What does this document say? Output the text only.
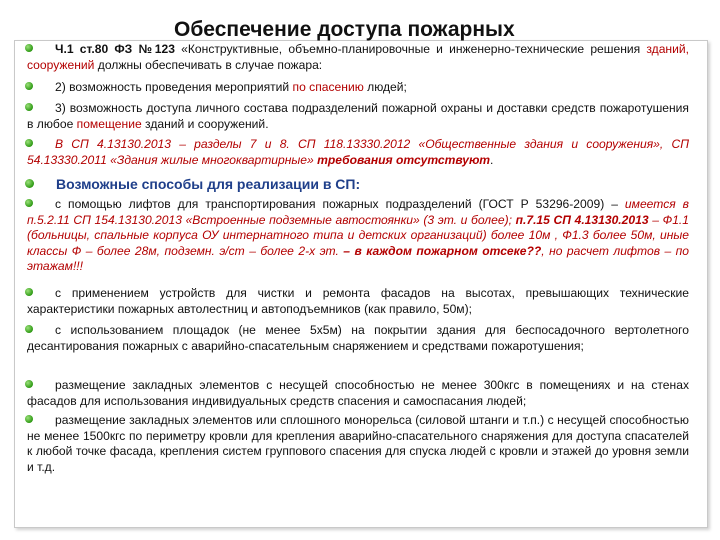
Обеспечение доступа пожарных
Ч.1 ст.80 ФЗ №123 «Конструктивные, объемно-планировочные и инженерно-технические решения зданий, сооружений должны обеспечивать в случае пожара:
2) возможность проведения мероприятий по спасению людей;
3) возможность доступа личного состава подразделений пожарной охраны и доставки средств пожаротушения в любое помещение зданий и сооружений.
В СП 4.13130.2013 – разделы 7 и 8. СП 118.13330.2012 «Общественные здания и сооружения», СП 54.13330.2011 «Здания жилые многоквартирные» требования отсутствуют.
Возможные способы для реализации в СП:
с помощью лифтов для транспортирования пожарных подразделений (ГОСТ Р 53296-2009) – имеется в п.5.2.11 СП 154.13130.2013 «Встроенные подземные автостоянки» (3 эт. и более); п.7.15 СП 4.13130.2013 – Ф1.1 (больницы, спальные корпуса ОУ интернатного типа и детских организаций) более 10м , Ф1.3 более 50м, иные классы Ф – более 28м, подземн. э/ст – более 2-х эт. – в каждом пожарном отсеке??, но расчет лифтов – по этажам!!!
с применением устройств для чистки и ремонта фасадов на высотах, превышающих технические характеристики пожарных автолестниц и автоподъемников (как правило, 50м);
с использованием площадок (не менее 5х5м) на покрытии здания для беспосадочного вертолетного десантирования пожарных с аварийно-спасательным снаряжением и средствами пожаротушения;
размещение закладных элементов с несущей способностью не менее 300кгс в помещениях и на стенах фасадов для использования индивидуальных средств спасения и самоспасания людей;
размещение закладных элементов или сплошного монорельса (силовой штанги и т.п.) с несущей способностью не менее 1500кгс по периметру кровли для крепления аварийно-спасательного снаряжения для доступа спасателей к любой точке фасада, крепления систем группового спасения для спуска людей с кровли и этажей до уровня земли и т.д.
